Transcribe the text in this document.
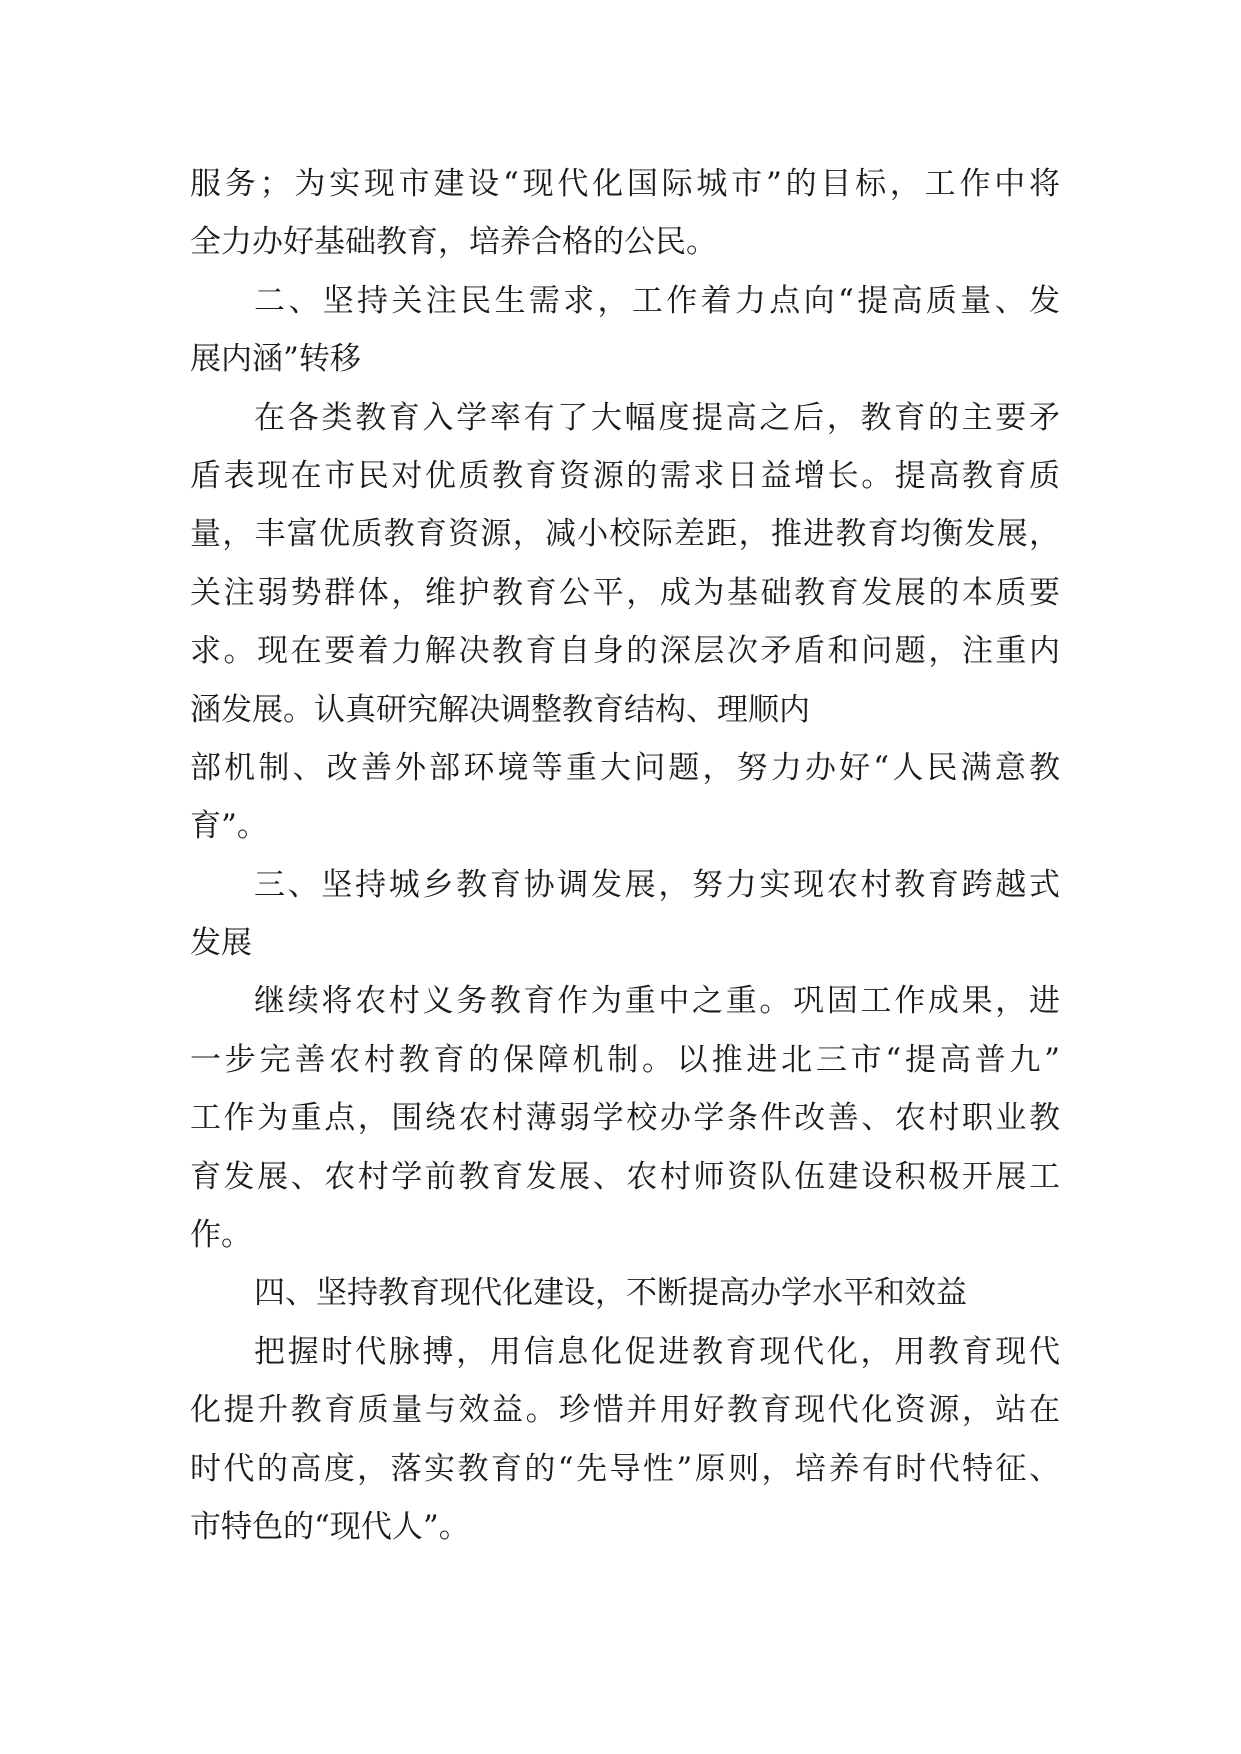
服务；为实现市建设“现代化国际城市”的目标，工作中将
全力办好基础教育，培养合格的公民。
二、坚持关注民生需求，工作着力点向“提高质量、发
展内涵”转移
在各类教育入学率有了大幅度提高之后，教育的主要矛
盾表现在市民对优质教育资源的需求日益增长。提高教育质
量，丰富优质教育资源，减小校际差距，推进教育均衡发展，
关注弱势群体，维护教育公平，成为基础教育发展的本质要
求。现在要着力解决教育自身的深层次矛盾和问题，注重内
涵发展。认真研究解决调整教育结构、理顺内
部机制、改善外部环境等重大问题，努力办好“人民满意教
育”。
三、坚持城乡教育协调发展，努力实现农村教育跨越式
发展
继续将农村义务教育作为重中之重。巩固工作成果，进
一步完善农村教育的保障机制。以推进北三市“提高普九”
工作为重点，围绕农村薄弱学校办学条件改善、农村职业教
育发展、农村学前教育发展、农村师资队伍建设积极开展工
作。
四、坚持教育现代化建设，不断提高办学水平和效益
把握时代脉搏，用信息化促进教育现代化，用教育现代
化提升教育质量与效益。珍惜并用好教育现代化资源，站在
时代的高度，落实教育的“先导性”原则，培养有时代特征、
市特色的“现代人”。
